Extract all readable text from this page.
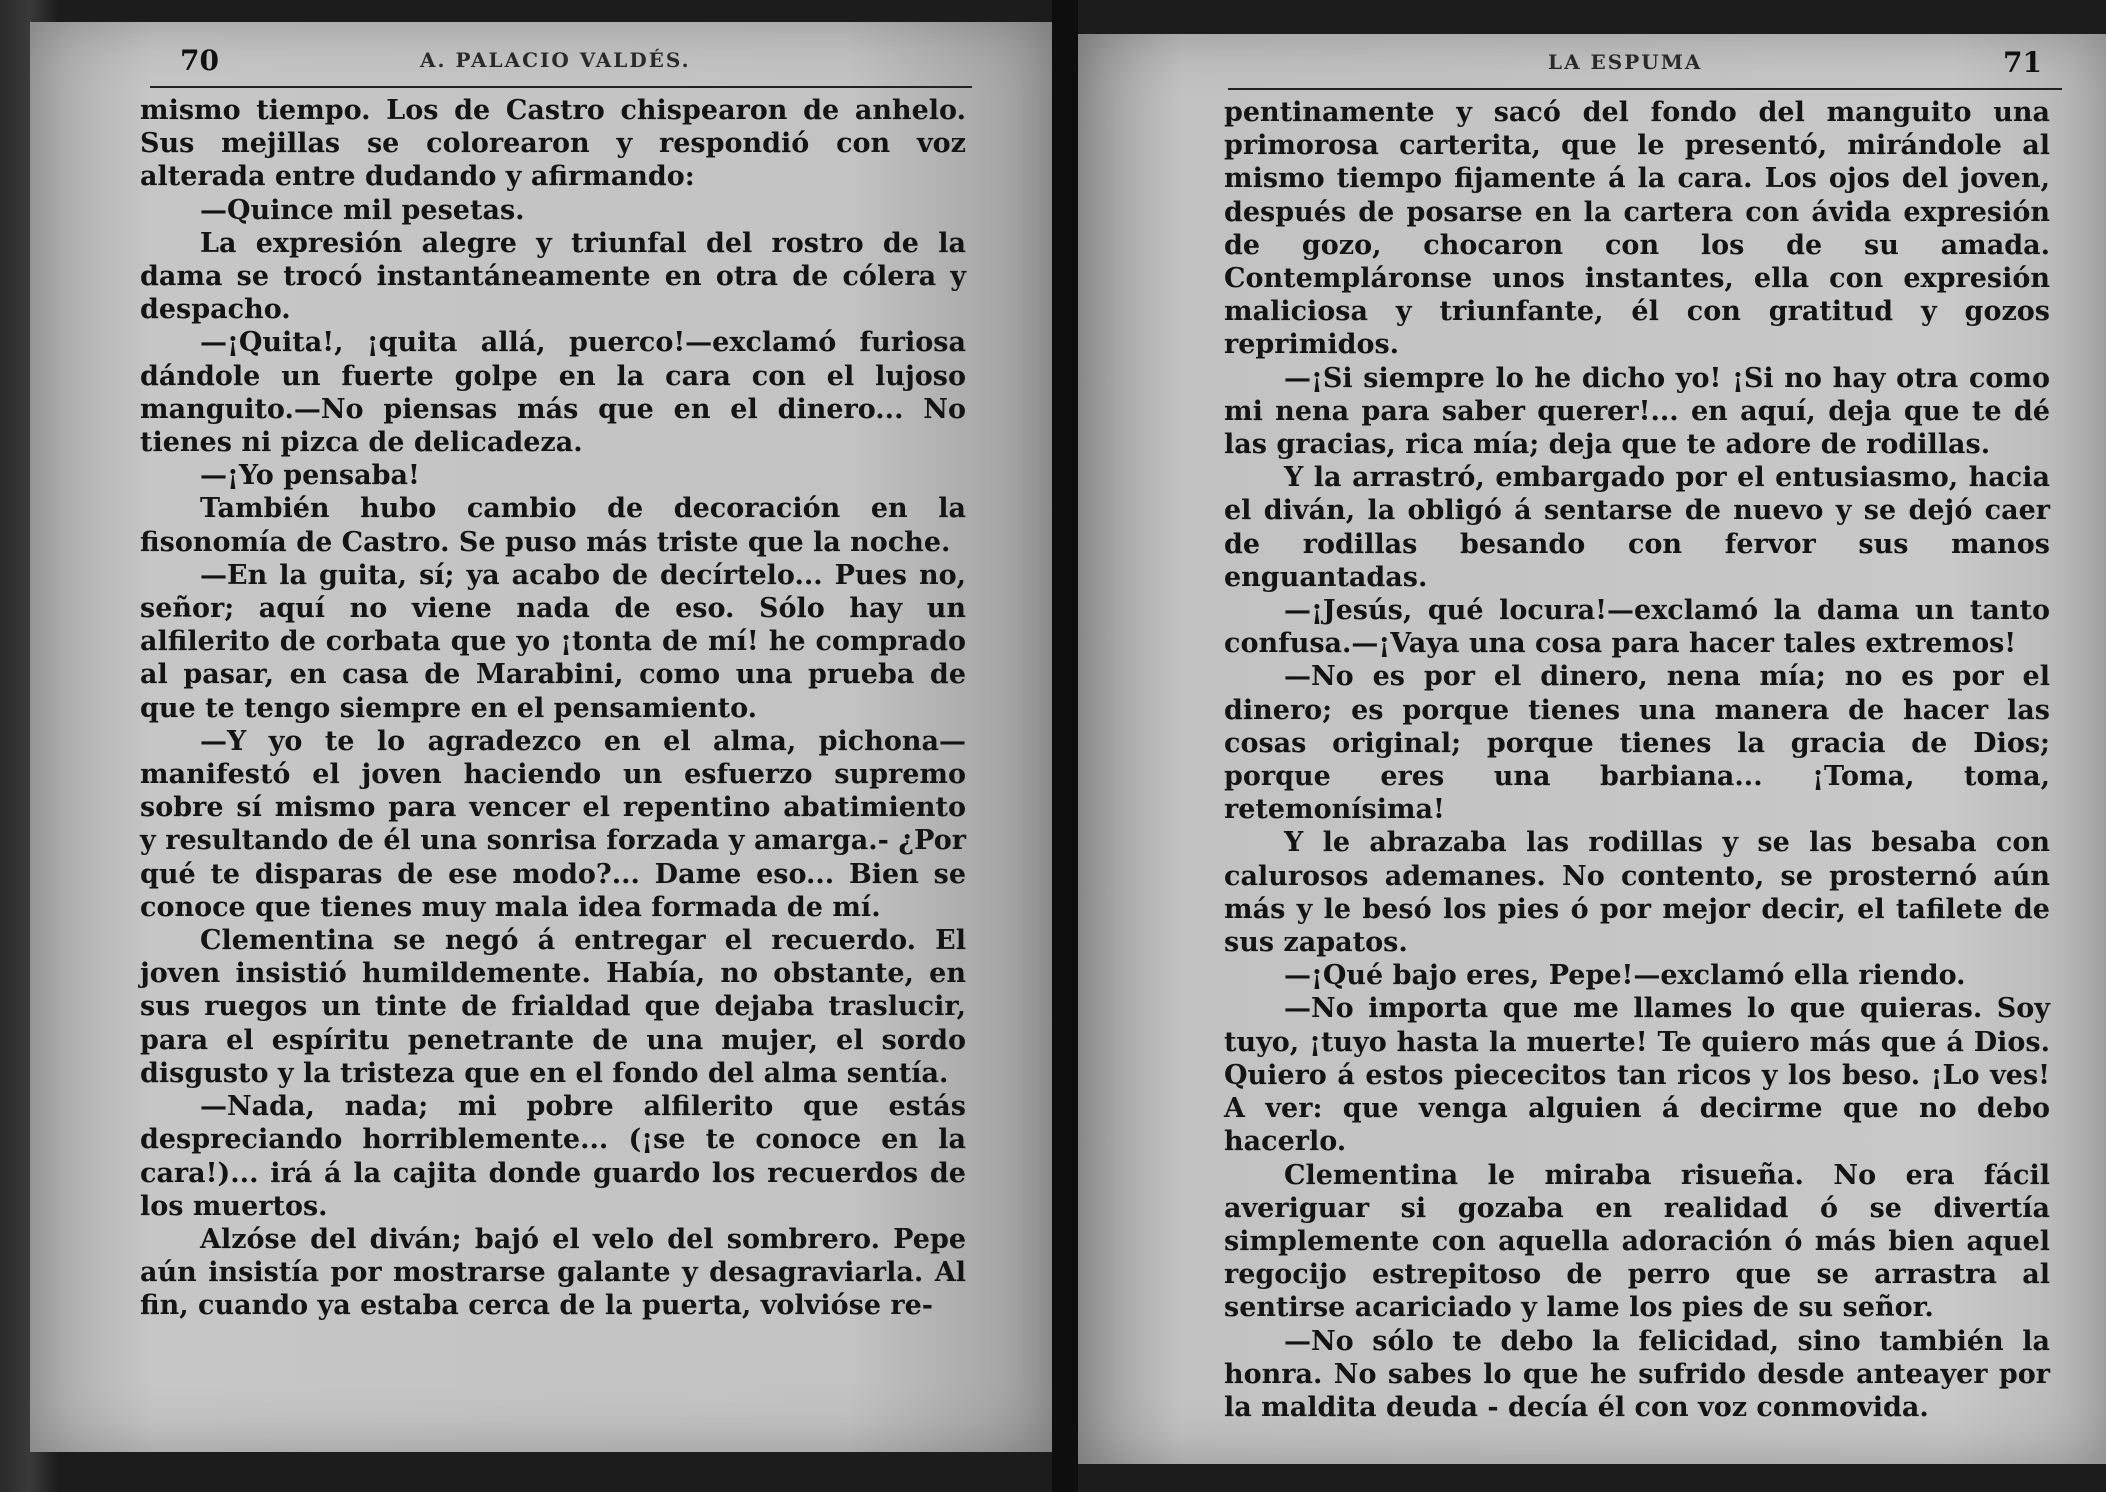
70	A. PALACIO VALDÉS.

mismo tiempo. Los de Castro chispearon de anhelo. Sus mejillas se colorearon y respondió con voz alterada entre dudando y afirmando:

—Quince mil pesetas.

La expresión alegre y triunfal del rostro de la dama se trocó instantáneamente en otra de cólera y despacho.

—¡Quita!, ¡quita allá, puerco!—exclamó furiosa dándole un fuerte golpe en la cara con el lujoso manguito.—No piensas más que en el dinero... No tienes ni pizca de delicadeza.

—¡Yo pensaba!

También hubo cambio de decoración en la fisonomía de Castro. Se puso más triste que la noche.

—En la guita, sí; ya acabo de decírtelo... Pues no, señor; aquí no viene nada de eso. Sólo hay un alfilerito de corbata que yo ¡tonta de mí! he comprado al pasar, en casa de Marabini, como una prueba de que te tengo siempre en el pensamiento.

—Y yo te lo agradezco en el alma, pichona—manifestó el joven haciendo un esfuerzo supremo sobre sí mismo para vencer el repentino abatimiento y resultando de él una sonrisa forzada y amarga.- ¿Por qué te disparas de ese modo?... Dame eso... Bien se conoce que tienes muy mala idea formada de mí.

Clementina se negó á entregar el recuerdo. El joven insistió humildemente. Había, no obstante, en sus ruegos un tinte de frialdad que dejaba traslucir, para el espíritu penetrante de una mujer, el sordo disgusto y la tristeza que en el fondo del alma sentía.

—Nada, nada; mi pobre alfilerito que estás despreciando horriblemente... (¡se te conoce en la cara!)... irá á la cajita donde guardo los recuerdos de los muertos.

Alzóse del diván; bajó el velo del sombrero. Pepe aún insistía por mostrarse galante y desagraviarla. Al fin, cuando ya estaba cerca de la puerta, volvióse re-

LA ESPUMA	71

pentinamente y sacó del fondo del manguito una primorosa carterita, que le presentó, mirándole al mismo tiempo fijamente á la cara. Los ojos del joven, después de posarse en la cartera con ávida expresión de gozo, chocaron con los de su amada. Contempláronse unos instantes, ella con expresión maliciosa y triunfante, él con gratitud y gozos reprimidos.

—¡Si siempre lo he dicho yo! ¡Si no hay otra como mi nena para saber querer!... en aquí, deja que te dé las gracias, rica mía; deja que te adore de rodillas.

Y la arrastró, embargado por el entusiasmo, hacia el diván, la obligó á sentarse de nuevo y se dejó caer de rodillas besando con fervor sus manos enguantadas.

—¡Jesús, qué locura!—exclamó la dama un tanto confusa.—¡Vaya una cosa para hacer tales extremos!

—No es por el dinero, nena mía; no es por el dinero; es porque tienes una manera de hacer las cosas original; porque tienes la gracia de Dios; porque eres una barbiana... ¡Toma, toma, retemonísima!

Y le abrazaba las rodillas y se las besaba con calurosos ademanes. No contento, se prosternó aún más y le besó los pies ó por mejor decir, el tafilete de sus zapatos.

—¡Qué bajo eres, Pepe!—exclamó ella riendo.

—No importa que me llames lo que quieras. Soy tuyo, ¡tuyo hasta la muerte! Te quiero más que á Dios. Quiero á estos piececitos tan ricos y los beso. ¡Lo ves! A ver: que venga alguien á decirme que no debo hacerlo.

Clementina le miraba risueña. No era fácil averiguar si gozaba en realidad ó se divertía simplemente con aquella adoración ó más bien aquel regocijo estrepitoso de perro que se arrastra al sentirse acariciado y lame los pies de su señor.

—No sólo te debo la felicidad, sino también la honra. No sabes lo que he sufrido desde anteayer por la maldita deuda - decía él con voz conmovida.
